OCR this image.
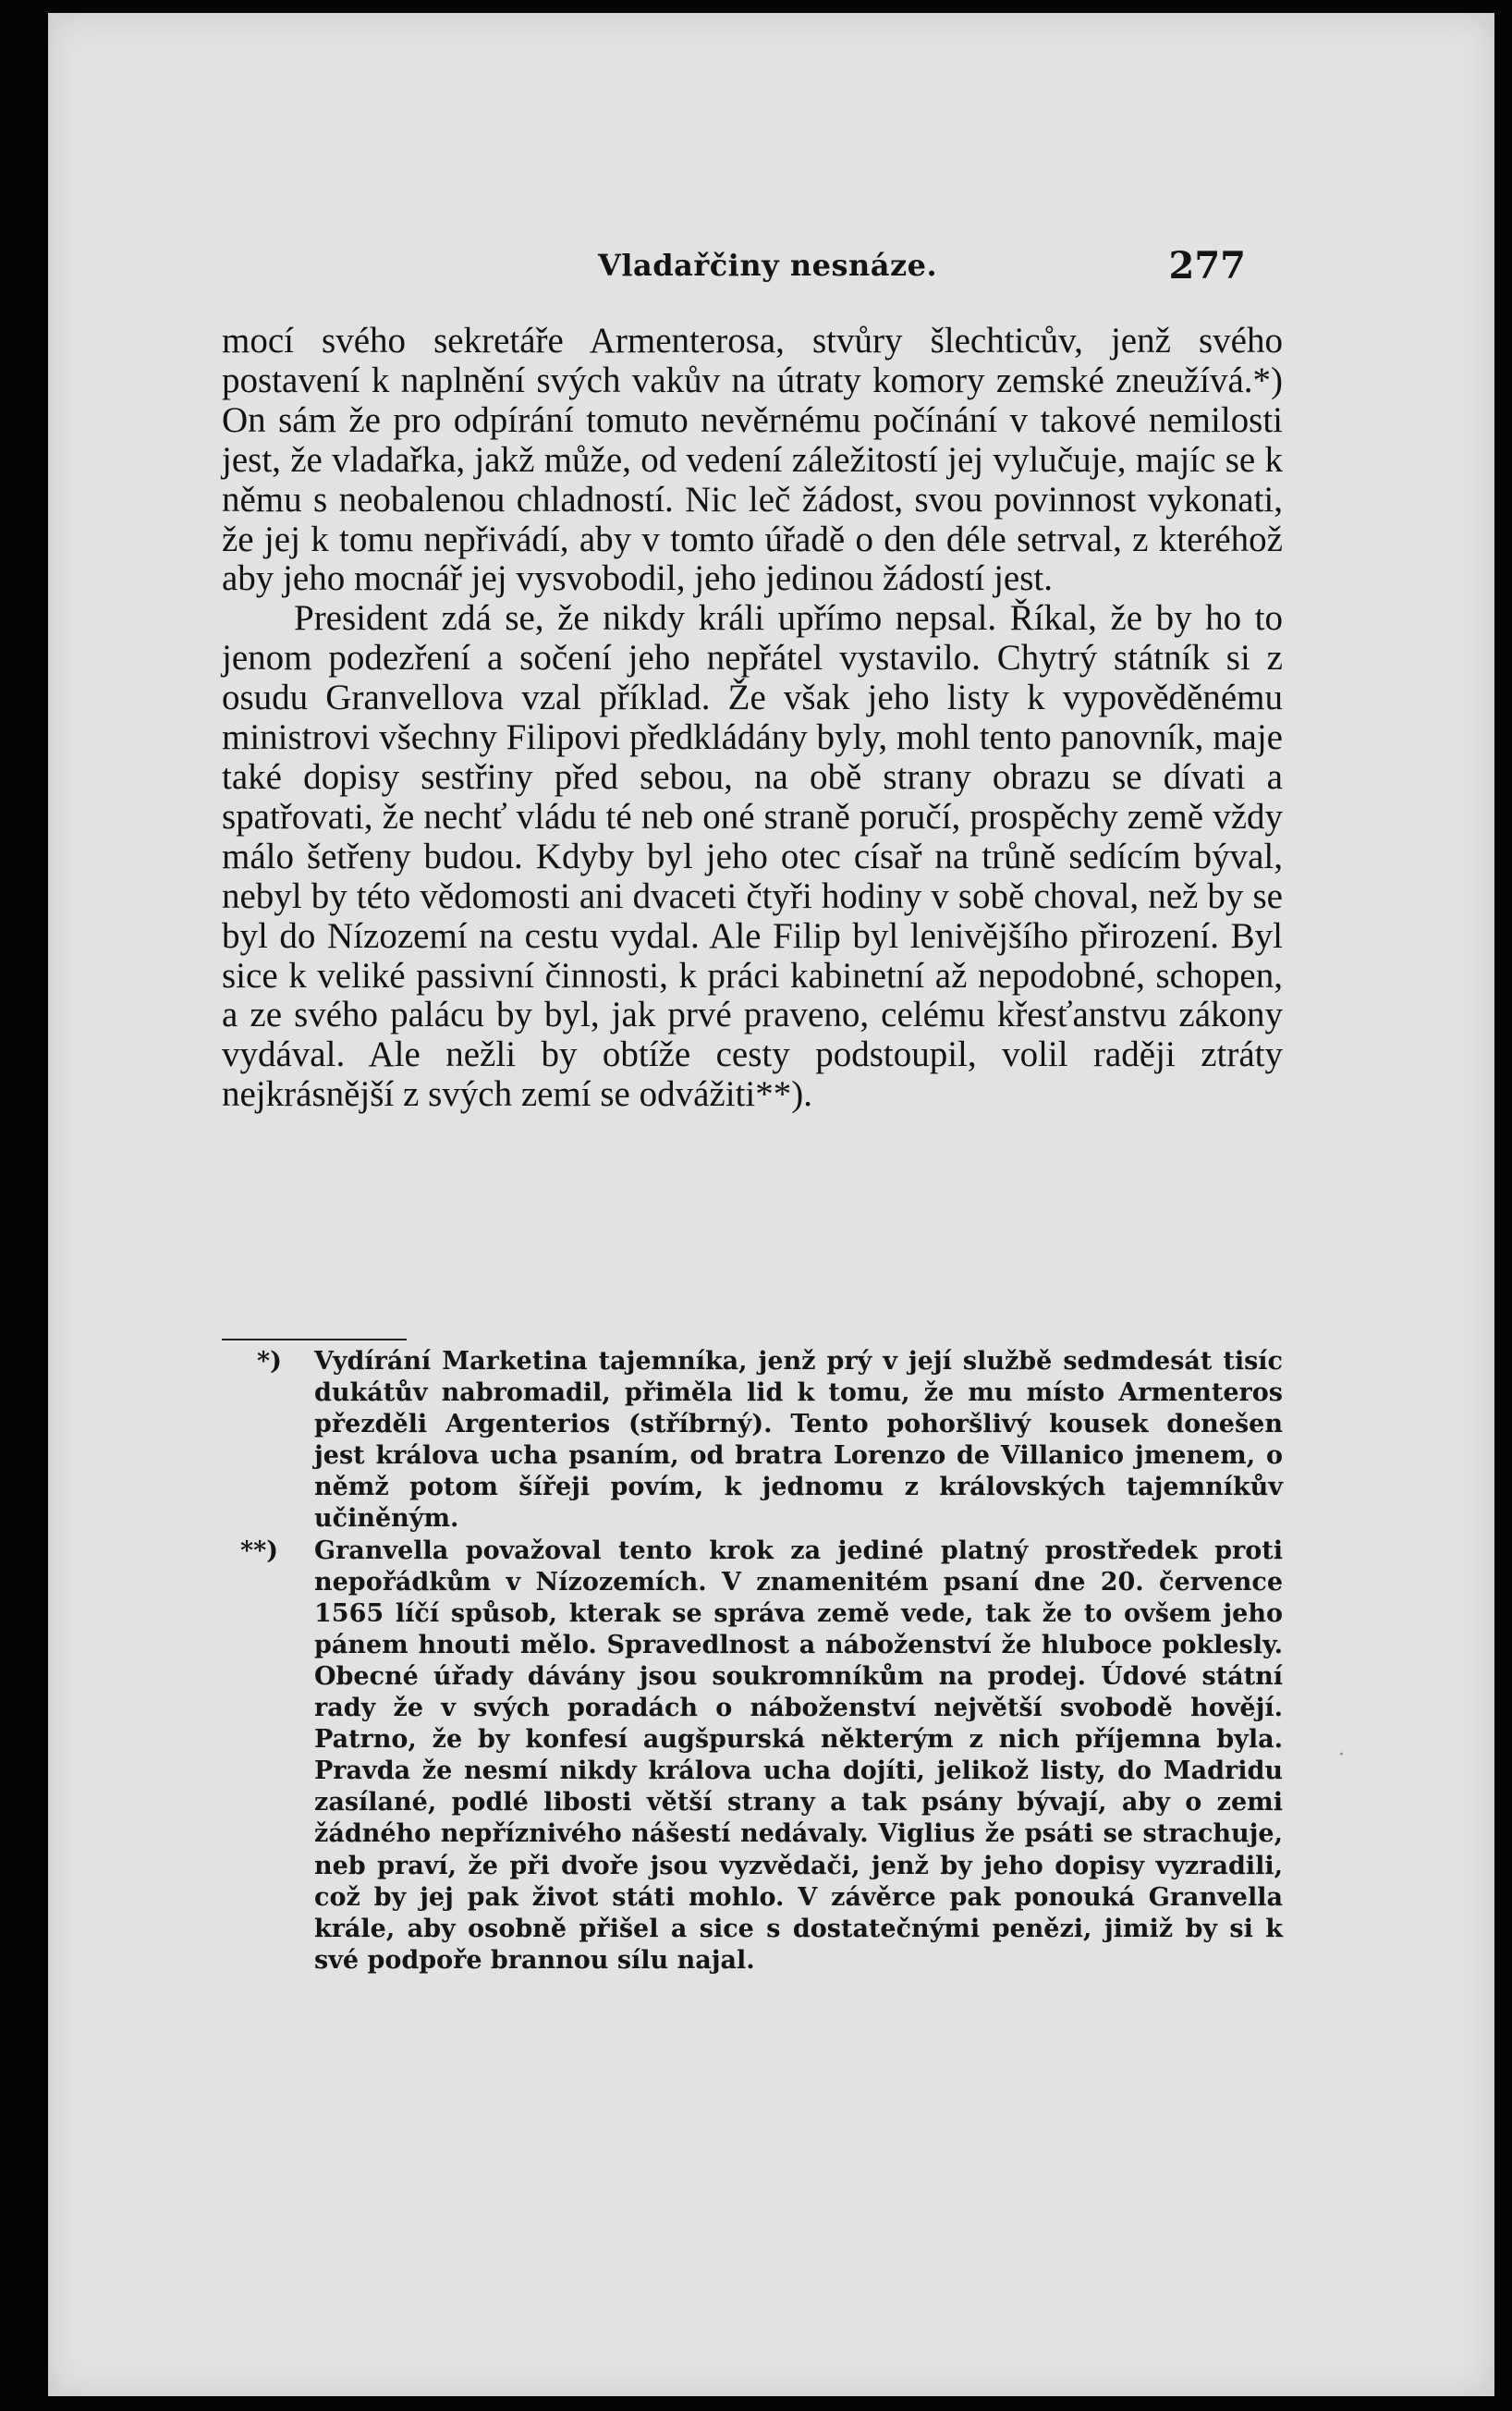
Vladařčiny nesnáze.	277

mocí svého sekretáře Armenterosa, stvůry šlechticův, jenž svého postavení k naplnění svých vakův na útraty komory zemské zneužívá.*) On sám že pro odpírání tomuto nevěrnému počínání v takové nemilosti jest, že vladařka, jakž může, od vedení záležitostí jej vylučuje, majíc se k němu s neobalenou chladností. Nic leč žádost, svou povinnost vykonati, že jej k tomu nepřivádí, aby v tomto úřadě o den déle setrval, z kteréhož aby jeho mocnář jej vysvobodil, jeho jedinou žádostí jest.

President zdá se, že nikdy králi upřímo nepsal. Říkal, že by ho to jenom podezření a sočení jeho nepřátel vystavilo. Chytrý státník si z osudu Granvellova vzal příklad. Že však jeho listy k vypověděnému ministrovi všechny Filipovi předkládány byly, mohl tento panovník, maje také dopisy sestřiny před sebou, na obě strany obrazu se dívati a spatřovati, že nechť vládu té neb oné straně poručí, prospěchy země vždy málo šetřeny budou. Kdyby byl jeho otec císař na trůně sedícím býval, nebyl by této vědomosti ani dvaceti čtyři hodiny v sobě choval, než by se byl do Nízozemí na cestu vydal. Ale Filip byl lenivějšího přirození. Byl sice k veliké passivní činnosti, k práci kabinetní až nepodobné, schopen, a ze svého palácu by byl, jak prvé praveno, celému křesťanstvu zákony vydával. Ale nežli by obtíže cesty podstoupil, volil raději ztráty nejkrásnější z svých zemí se odvážiti**).

*) Vydírání Marketina tajemníka, jenž prý v její službě sedmdesát tisíc dukátův nabromadil, přiměla lid k tomu, že mu místo Armenteros přezděli Argenterios (stříbrný). Tento pohoršlivý kousek donešen jest králova ucha psaním, od bratra Lorenzo de Villanico jmenem, o němž potom šířeji povím, k jednomu z královských tajemníkův učiněným.

**) Granvella považoval tento krok za jediné platný prostředek proti nepořádkům v Nízozemích. V znamenitém psaní dne 20. července 1565 líčí spůsob, kterak se správa země vede, tak že to ovšem jeho pánem hnouti mělo. Spravedlnost a náboženství že hluboce poklesly. Obecné úřady dávány jsou soukromníkům na prodej. Údové státní rady že v svých poradách o náboženství největší svobodě hovějí. Patrno, že by konfesí augšpurská některým z nich příjemna byla. Pravda že nesmí nikdy králova ucha dojíti, jelikož listy, do Madridu zasílané, podlé libosti větší strany a tak psány bývají, aby o zemi žádného nepříznivého nášestí nedávaly. Viglius že psáti se strachuje, neb praví, že při dvoře jsou vyzvědači, jenž by jeho dopisy vyzradili, což by jej pak život státi mohlo. V závěrce pak ponouká Granvella krále, aby osobně přišel a sice s dostatečnými penězi, jimiž by si k své podpoře brannou sílu najal.

·
